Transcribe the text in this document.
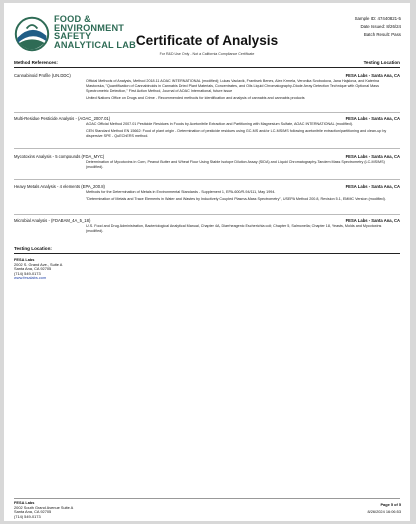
FOOD &
ENVIRONMENT
SAFETY
ANALYTICAL LAB Certificate of Analysis
Sample ID: 47440821-5
Date Issued: 8/26/24
Batch Result: Pass
For R&D Use Only - Not a California Compliance Certificate
Method References:	Testing Location
Cannabinoid Profile (UN.DDC)	FESA Labs - Santa Ana, CA

Official Methods of Analysis, Method 2018.11 AOAC INTERNATIONAL (modified); Lukas Vaclavik, Frantisek Benes, Alex Krmela, Veronika Svobodova, Jana Hajslova, and Katerina Mastovska, "Quantification of Cannabinoids in Cannabis Dried Plant Materials, Concentrates, and Oils Liquid Chromatography-Diode Array Detection Technique with Optional Mass Spectrometric Detection," First Action Method, Journal of AOAC International, future issue

United Nations Office on Drugs and Crime - Recommended methods for identification and analysis of cannabis and cannabis products

Multi-Residue Pesticide Analysis - (AOAC_2007.01)	FESA Labs - Santa Ana, CA

AOAC Official Method 2007.01 Pesticide Residues in Foods by Acetonitrile Extraction and Partitioning with Magnesium Sulfate, AOAC INTERNATIONAL (modified).

CEN Standard Method EN 15662: Food of plant origin - Determination of pesticide residues using GC-MS and/or LC-MS/MS following acetonitrile extraction/partitioning and clean-up by dispersive SPE - QuEChERS method.

Mycotoxins Analysis - 5 compounds (FDA_MYC)	FESA Labs - Santa Ana, CA

Determination of Mycotoxins in Corn, Peanut Butter and Wheat Flour Using Stable Isotope Dilution Assay (SIDA) and Liquid Chromatography-Tandem Mass Spectrometry (LC-MS/MS) (modified).

Heavy Metals Analysis - 4 elements (EPA_200.8)	FESA Labs - Santa Ana, CA

Methods for the Determination of Metals in Environmental Standards - Supplement 1, EPA-600/R-94/111, May 1994.

"Determination of Metals and Trace Elements in Water and Wastes by Inductively Coupled Plasma-Mass Spectrometry", USEPA Method 200.8, Revision 5.1, EMMC Version (modified).

Microbial Analysis - (FDABAM_4A_5_18)	FESA Labs - Santa Ana, CA

U.S. Food and Drug Administration, Bacteriological Analytical Manual, Chapter 4A, Diarrheagenic Escherichia coli; Chapter 5, Salmonella; Chapter 18, Yeasts, Molds and Mycotoxins (modified).

Testing Location:
FESA Labs
2002 S. Grand Ave., Suite A
Santa Ana, CA 92705
(714) 549-0173
www.fesalabs.com
FESA Labs
2002 South Grand Avenue Suite A
Santa Ana, CA 92705
(714) 549-0173
Page 5 of 5
8/26/2024 16:06:53
